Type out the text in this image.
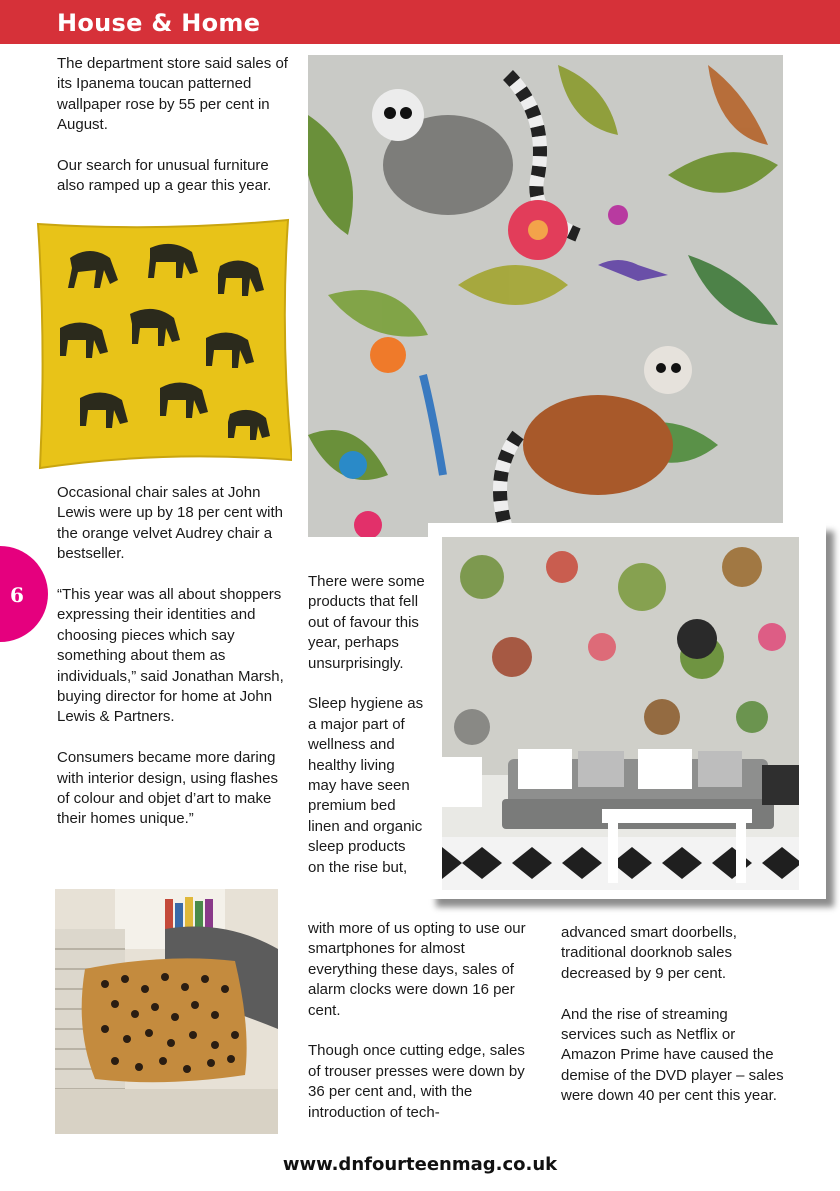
House & Home

The department store said sales of its Ipanema toucan patterned wallpaper rose by 55 per cent in August.

Our search for unusual furniture also ramped up a gear this year.

Occasional chair sales at John Lewis were up by 18 per cent with the orange velvet Audrey chair a bestseller.

“This year was all about shoppers expressing their identities and choosing pieces which say something about them as individuals,” said Jonathan Marsh, buying director for home at John Lewis & Partners.

Consumers became more daring with interior design, using flashes of colour and objet d’art to make their homes unique.”

6

There were some products that fell out of favour this year, perhaps unsurprisingly.

Sleep hygiene as a major part of wellness and healthy living may have seen premium bed linen and organic sleep products on the rise but,

with more of us opting to use our smartphones for almost everything these days, sales of alarm clocks were down 16 per cent.

Though once cutting edge, sales of trouser presses were down by 36 per cent and, with the introduction of tech-

advanced smart doorbells, traditional doorknob sales decreased by 9 per cent.

And the rise of streaming services such as Netflix or Amazon Prime have caused the demise of the DVD player – sales were down 40 per cent this year.

www.dnfourteenmag.co.uk
